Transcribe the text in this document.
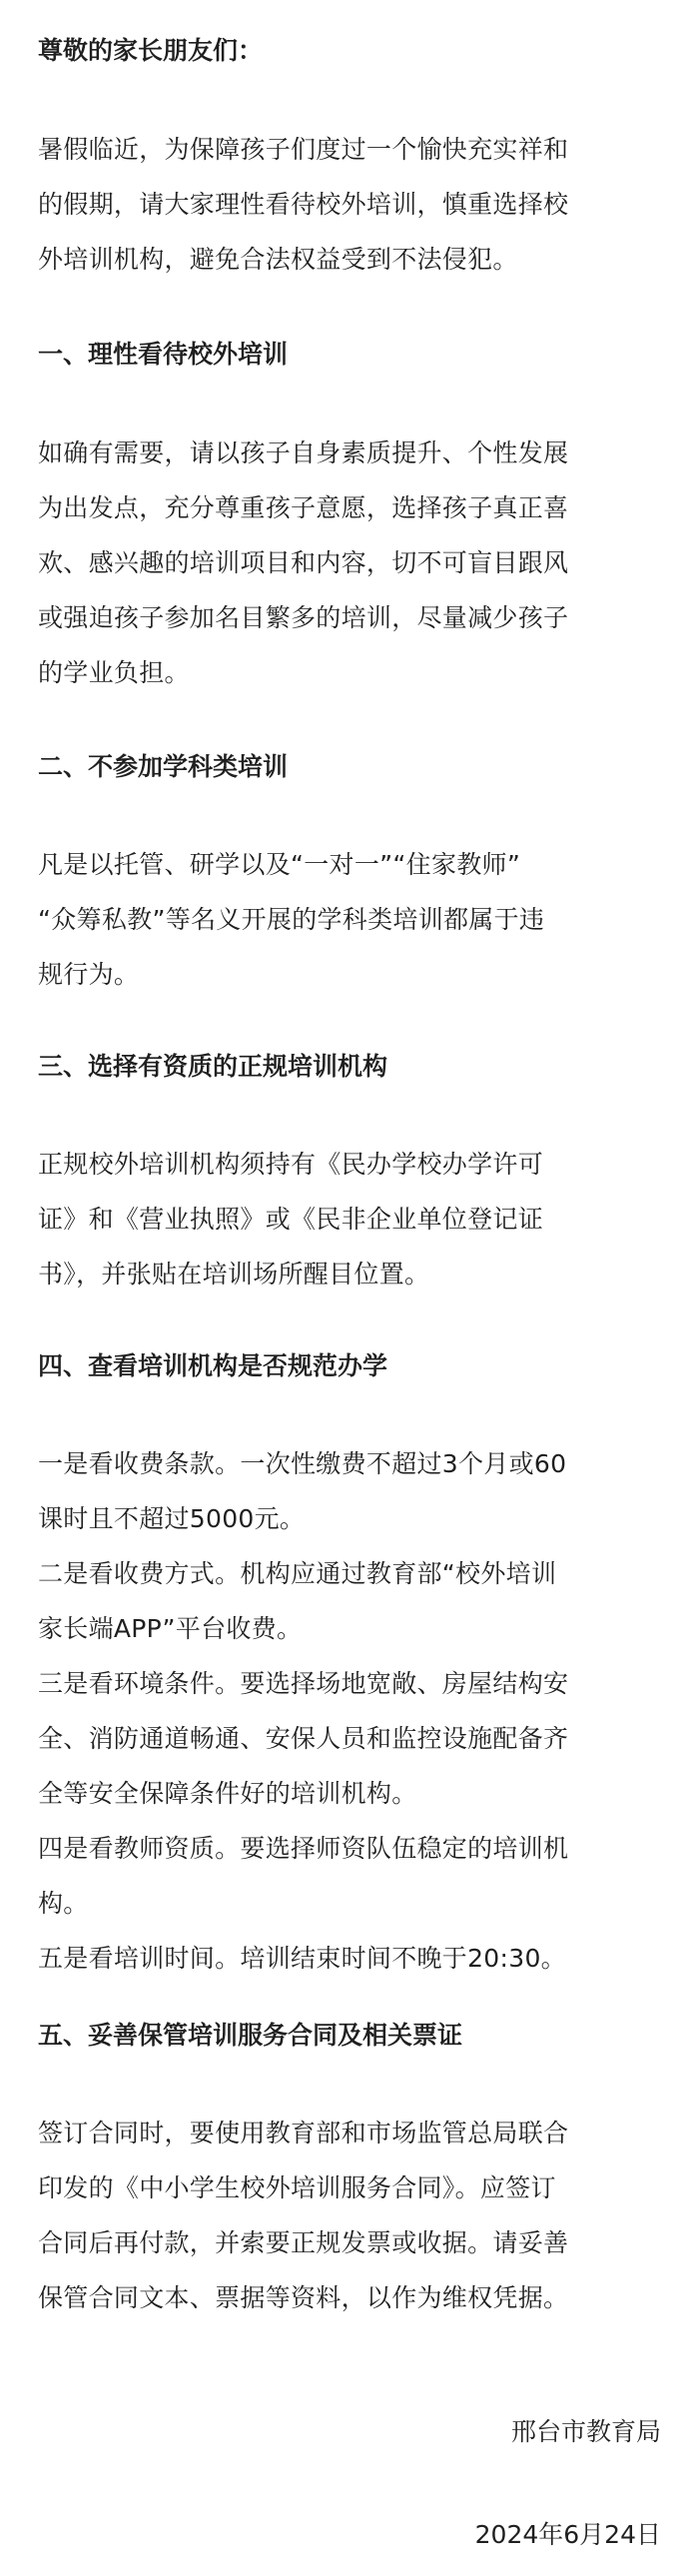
尊敬的家长朋友们：

暑假临近，为保障孩子们度过一个愉快充实祥和
的假期，请大家理性看待校外培训，慎重选择校
外培训机构，避免合法权益受到不法侵犯。

一、理性看待校外培训

如确有需要，请以孩子自身素质提升、个性发展
为出发点，充分尊重孩子意愿，选择孩子真正喜
欢、感兴趣的培训项目和内容，切不可盲目跟风
或强迫孩子参加名目繁多的培训，尽量减少孩子
的学业负担。

二、不参加学科类培训

凡是以托管、研学以及“一对一”“住家教师”
“众筹私教”等名义开展的学科类培训都属于违
规行为。

三、选择有资质的正规培训机构

正规校外培训机构须持有《民办学校办学许可
证》和《营业执照》或《民非企业单位登记证
书》，并张贴在培训场所醒目位置。

四、查看培训机构是否规范办学

一是看收费条款。一次性缴费不超过3个月或60
课时且不超过5000元。
二是看收费方式。机构应通过教育部“校外培训
家长端APP”平台收费。
三是看环境条件。要选择场地宽敞、房屋结构安
全、消防通道畅通、安保人员和监控设施配备齐
全等安全保障条件好的培训机构。
四是看教师资质。要选择师资队伍稳定的培训机
构。
五是看培训时间。培训结束时间不晚于20:30。

五、妥善保管培训服务合同及相关票证

签订合同时，要使用教育部和市场监管总局联合
印发的《中小学生校外培训服务合同》。应签订
合同后再付款，并索要正规发票或收据。请妥善
保管合同文本、票据等资料，以作为维权凭据。

邢台市教育局

2024年6月24日
